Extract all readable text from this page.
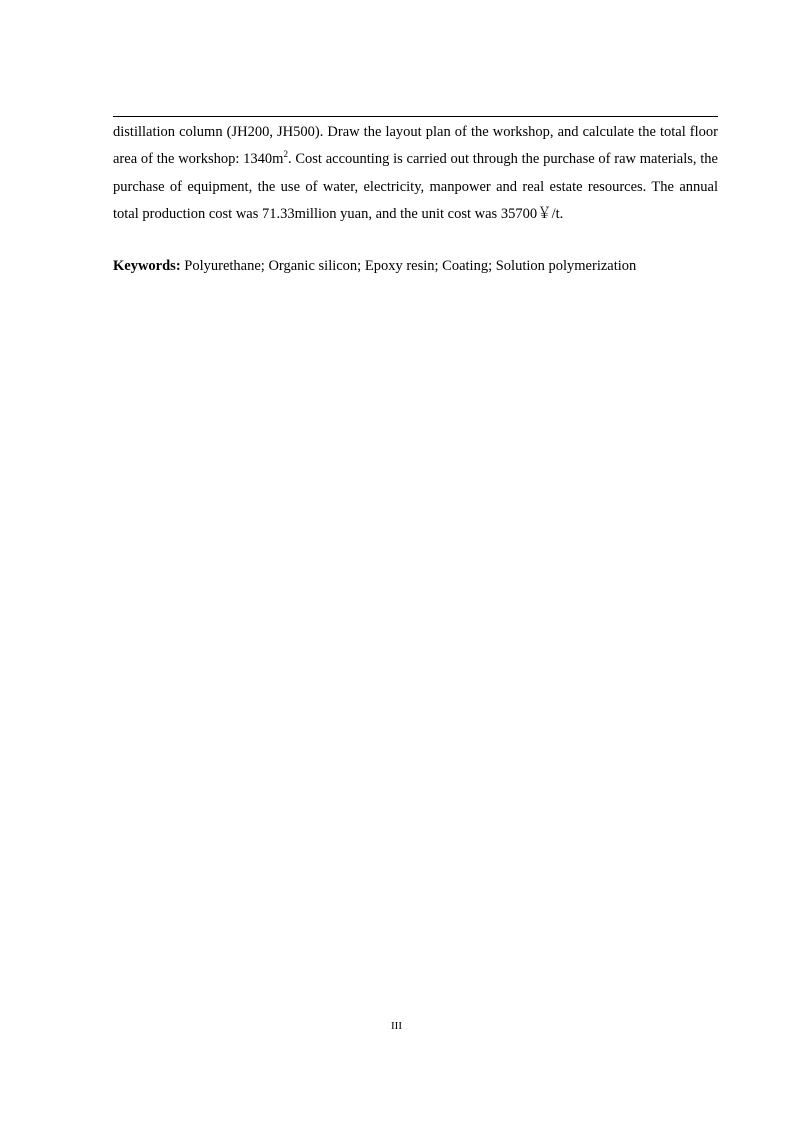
distillation column (JH200, JH500). Draw the layout plan of the workshop, and calculate the total floor area of the workshop: $1340m^2$. Cost accounting is carried out through the purchase of raw materials, the purchase of equipment, the use of water, electricity, manpower and real estate resources. The annual total production cost was 71.33million yuan, and the unit cost was 35700￥/t.

Keywords: Polyurethane; Organic silicon; Epoxy resin; Coating; Solution polymerization

III
